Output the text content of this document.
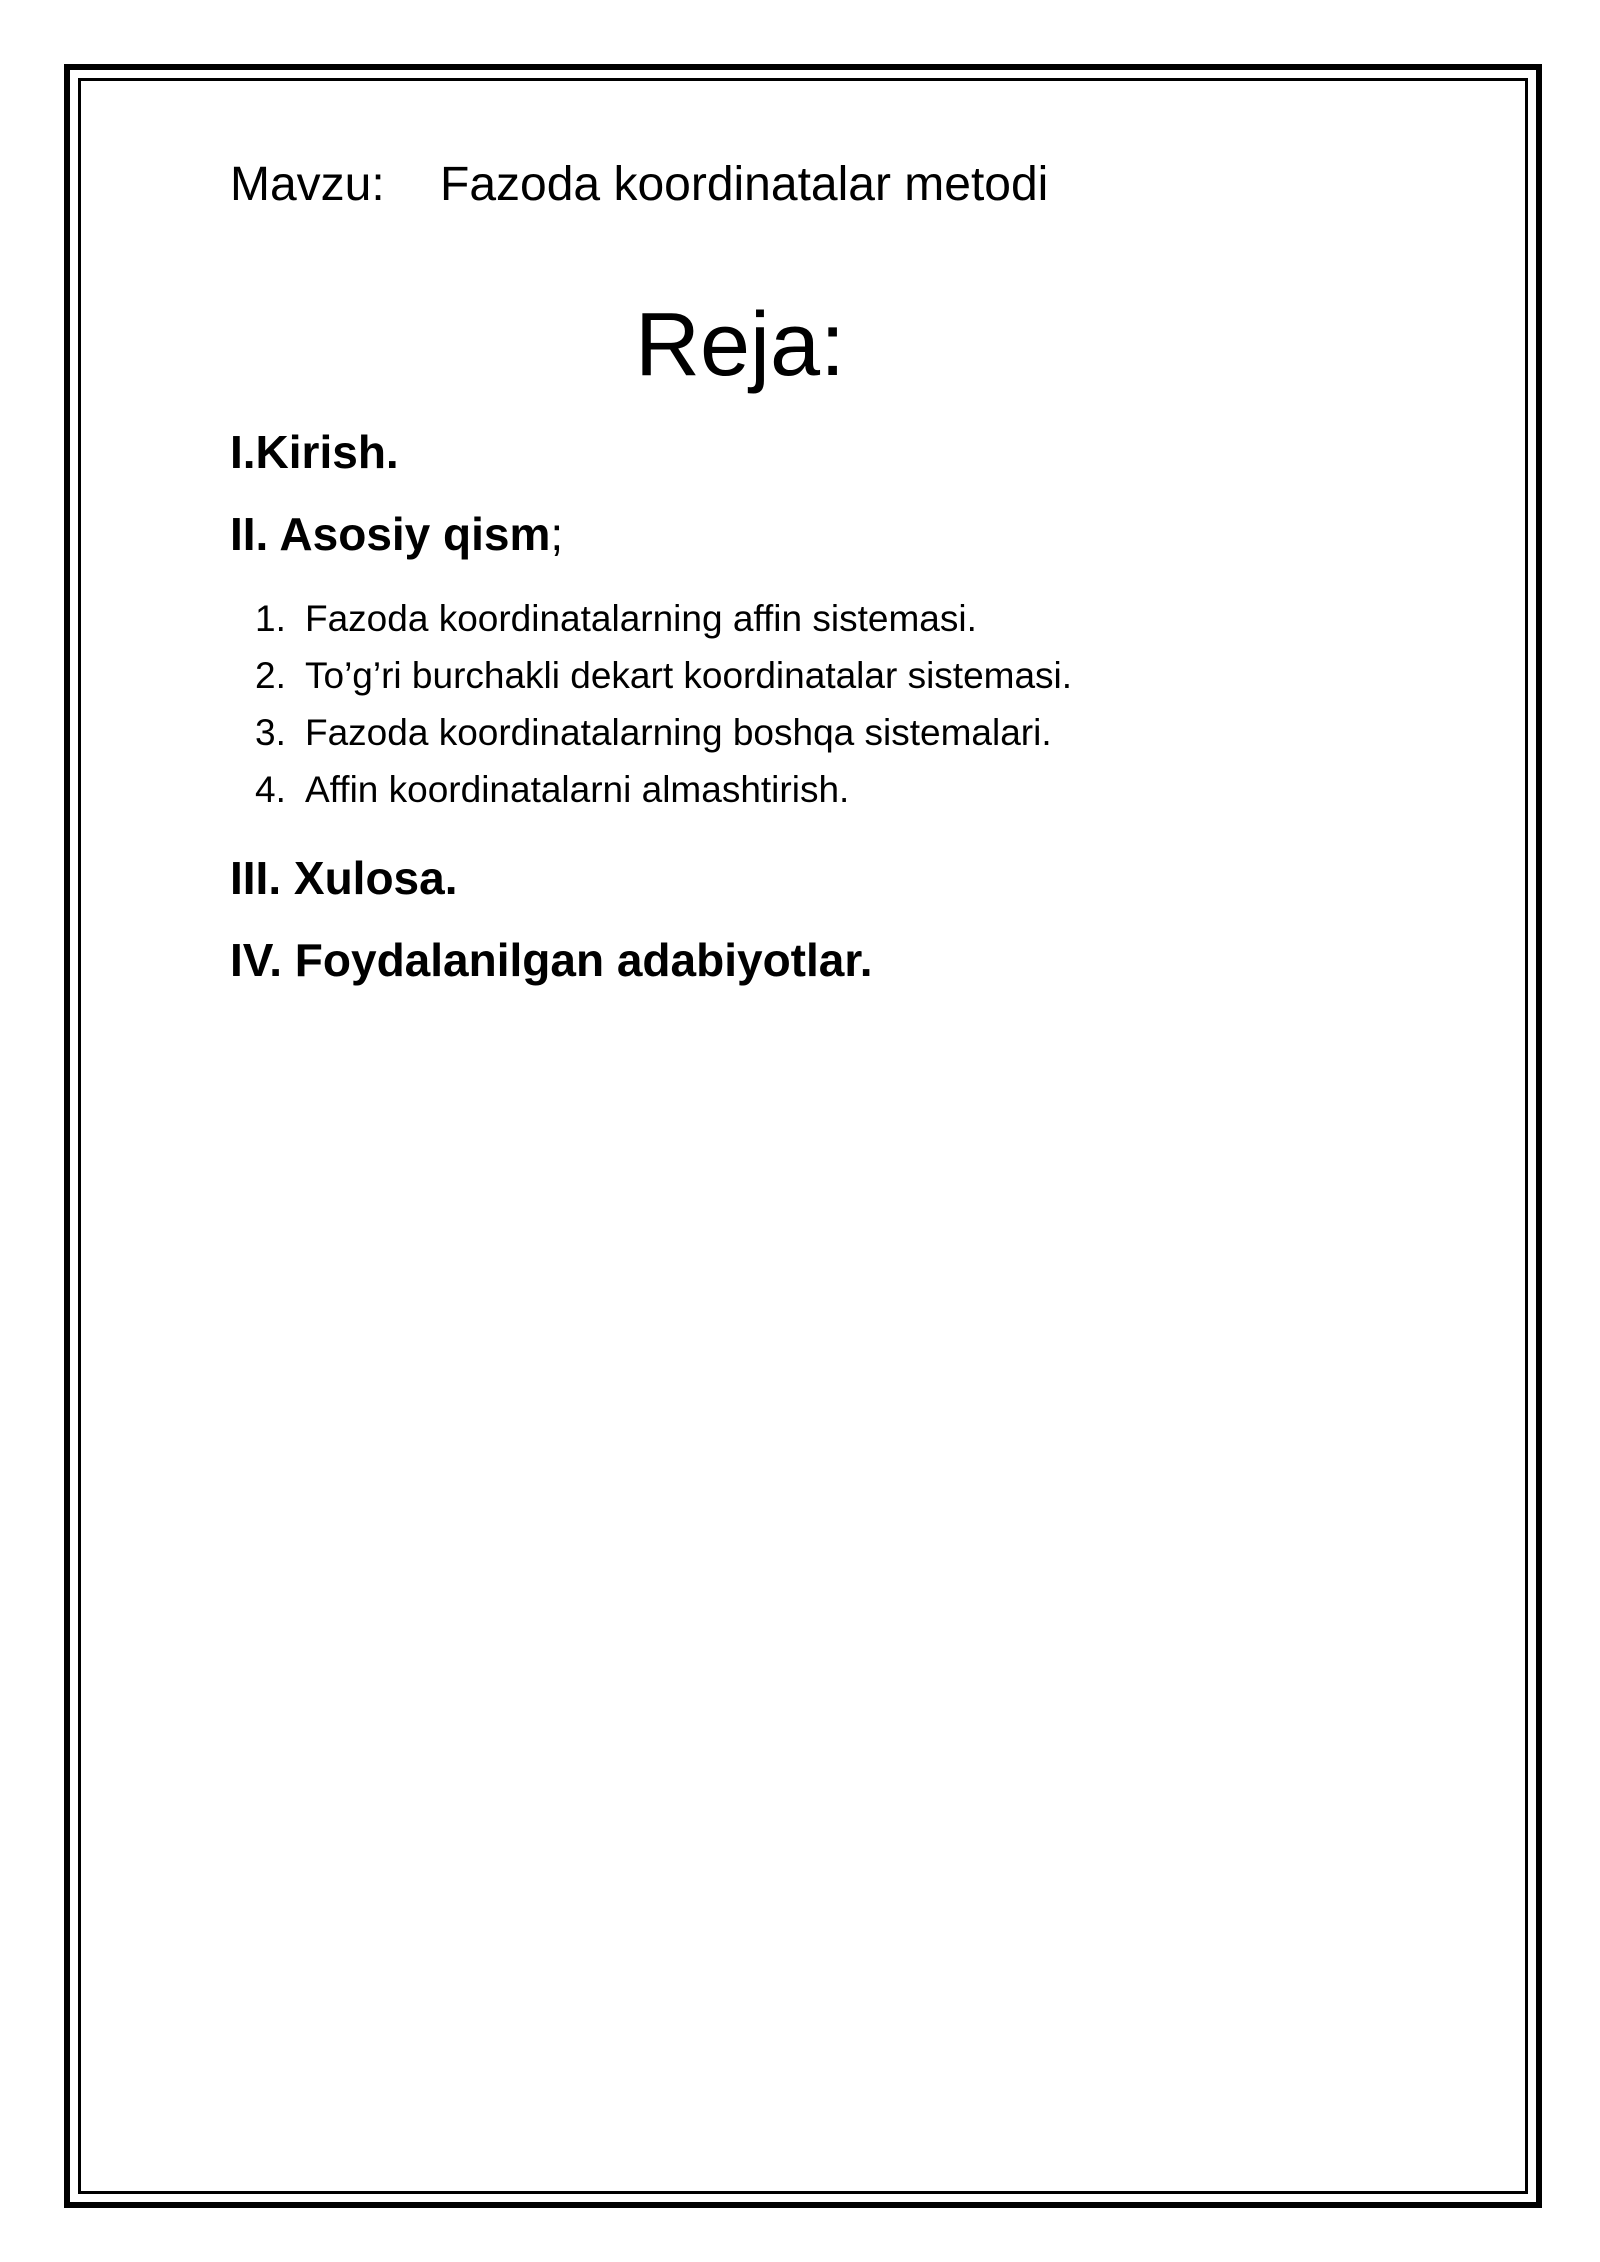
Mavzu:	Fazoda koordinatalar metodi

Reja:

I.Kirish.

II. Asosiy qism;

1. Fazoda koordinatalarning affin sistemasi.
2. To’g’ri burchakli dekart koordinatalar sistemasi.
3. Fazoda koordinatalarning boshqa sistemalari.
4. Affin koordinatalarni almashtirish.

III. Xulosa.

IV. Foydalanilgan adabiyotlar.
